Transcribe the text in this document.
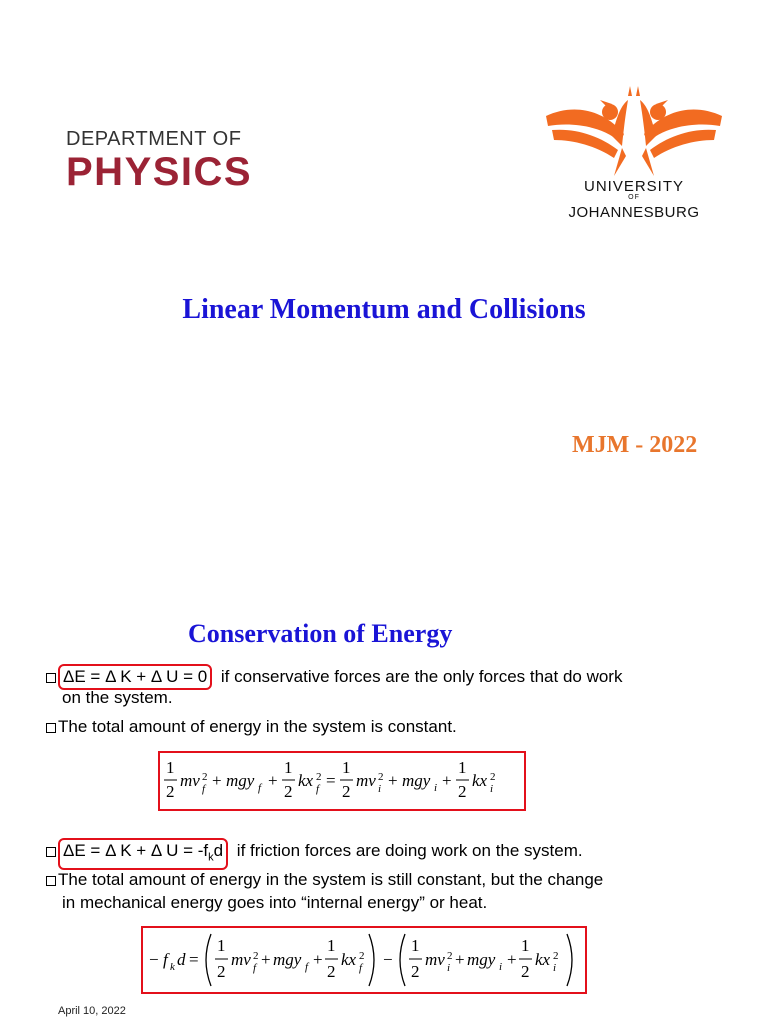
DEPARTMENT OF
PHYSICS	UNIVERSITY
OF
JOHANNESBURG
Linear Momentum and Collisions
MJM - 2022
Conservation of Energy
ΔE = Δ K + Δ U = 0 if conservative forces are the only forces that do work
on the system.
The total amount of energy in the system is constant.
1
2
mv 2
f + mgy f +
1
2
kx 2
f =
1
2
mv 2
i + mgy i +
1
2
kx 2
i
ΔE = Δ K + Δ $U = -f_kd$ if friction forces are doing work on the system.
The total amount of energy in the system is still constant, but the change
in mechanical energy goes into “internal energy” or heat.
− f k d =
1
2
mv 2
f + mgy f +
1
2
kx 2
f −
1
2
mv 2
i + mgy i +
1
2
kx 2
i
April 10, 2022
